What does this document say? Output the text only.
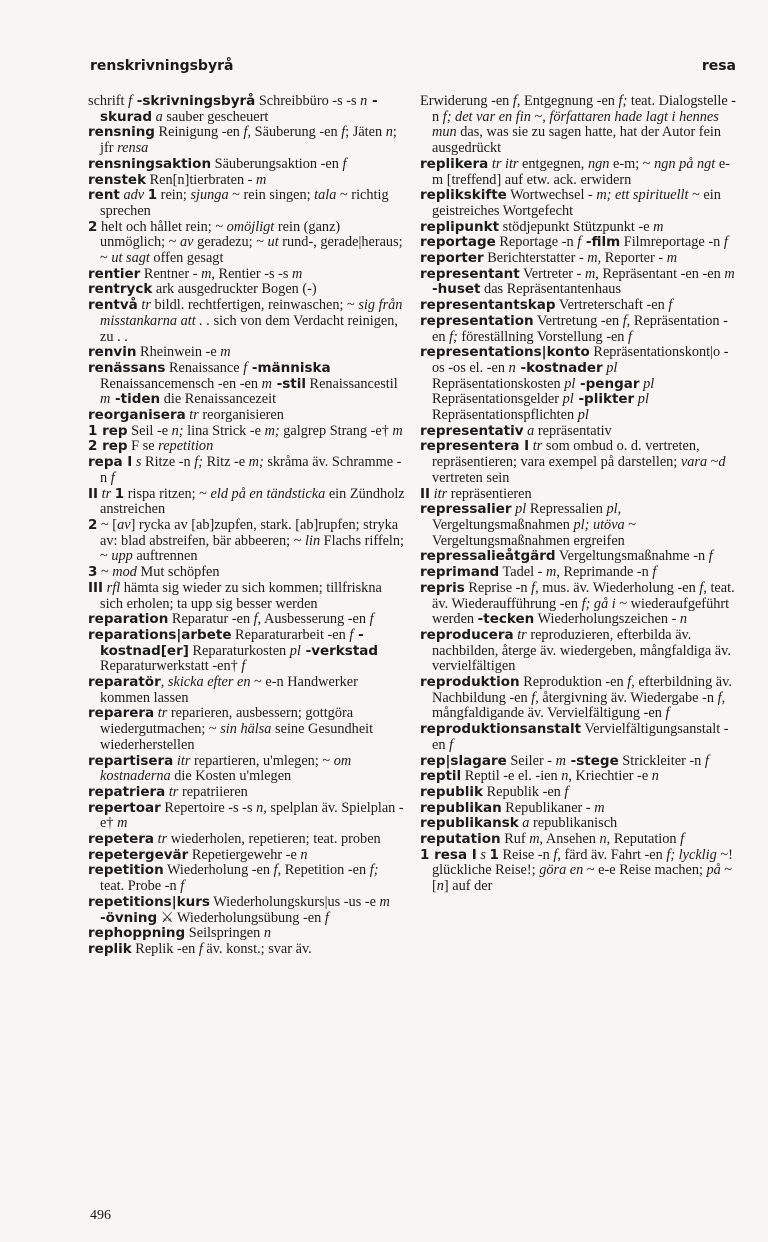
renskrivningsbyrå	resa
schrift f -skrivningsbyrå Schreibbüro -s -s n -skurad a sauber gescheuert
rensning Reinigung -en f, Säuberung -en f; Jäten n; jfr rensa
rensningsaktion Säuberungsaktion -en f
renstek Ren[n]tierbraten - m
rent adv 1 rein; sjunga ~ rein singen; tala ~ richtig sprechen
2 helt och hållet rein; ~ omöjligt rein (ganz) unmöglich; ~ av geradezu; ~ ut rund-, gerade|heraus; ~ ut sagt offen gesagt
rentier Rentner - m, Rentier -s -s m
rentryck ark ausgedruckter Bogen (-)
rentvå tr bildl. rechtfertigen, reinwaschen; ~ sig från misstankarna att . . sich von dem Verdacht reinigen, zu . .
renvin Rheinwein -e m
renässans Renaissance f -människa Renaissancemensch -en -en m -stil Renaissancestil m -tiden die Renaissancezeit
reorganisera tr reorganisieren
1 rep Seil -e n; lina Strick -e m; galgrep Strang -e† m
2 rep F se repetition
repa I s Ritze -n f; Ritz -e m; skråma äv. Schramme -n f
II tr 1 rispa ritzen; ~ eld på en tändsticka ein Zündholz anstreichen
2 ~ [av] rycka av [ab]zupfen, stark. [ab]rupfen; stryka av: blad abstreifen, bär abbeeren; ~ lin Flachs riffeln; ~ upp auftrennen
3 ~ mod Mut schöpfen
III rfl hämta sig wieder zu sich kommen; tillfriskna sich erholen; ta upp sig besser werden
reparation Reparatur -en f, Ausbesserung -en f
reparations|arbete Reparaturarbeit -en f -kostnad[er] Reparaturkosten pl -verkstad Reparaturwerkstatt -en† f
reparatör, skicka efter en ~ e-n Handwerker kommen lassen
reparera tr reparieren, ausbessern; gottgöra wiedergutmachen; ~ sin hälsa seine Gesundheit wiederherstellen
repartisera itr repartieren, u'mlegen; ~ om kostnaderna die Kosten u'mlegen
repatriera tr repatriieren
repertoar Repertoire -s -s n, spelplan äv. Spielplan -e† m
repetera tr wiederholen, repetieren; teat. proben
repetergevär Repetiergewehr -e n
repetition Wiederholung -en f, Repetition -en f; teat. Probe -n f
repetitions|kurs Wiederholungskurs|us -us -e m -övning ⚔ Wiederholungsübung -en f
rephoppning Seilspringen n
replik Replik -en f äv. konst.; svar äv.
Erwiderung -en f, Entgegnung -en f; teat. Dialogstelle -n f; det var en fin ~, författaren hade lagt i hennes mun das, was sie zu sagen hatte, hat der Autor fein ausgedrückt
replikera tr itr entgegnen, ngn e-m; ~ ngn på ngt e-m [treffend] auf etw. ack. erwidern
replikskifte Wortwechsel - m; ett spirituellt ~ ein geistreiches Wortgefecht
replipunkt stödjepunkt Stützpunkt -e m
reportage Reportage -n f -film Filmreportage -n f
reporter Berichterstatter - m, Reporter - m
representant Vertreter - m, Repräsentant -en -en m -huset das Repräsentantenhaus
representantskap Vertreterschaft -en f
representation Vertretung -en f, Repräsentation -en f; föreställning Vorstellung -en f
representations|konto Repräsentationskont|o -os -os el. -en n -kostnader pl Repräsentationskosten pl -pengar pl Repräsentationsgelder pl -plikter pl Repräsentationspflichten pl
representativ a repräsentativ
representera I tr som ombud o. d. vertreten, repräsentieren; vara exempel på darstellen; vara ~d vertreten sein
II itr repräsentieren
repressalier pl Repressalien pl, Vergeltungsmaßnahmen pl; utöva ~ Vergeltungsmaßnahmen ergreifen
repressalieåtgärd Vergeltungsmaßnahme -n f
reprimand Tadel - m, Reprimande -n f
repris Reprise -n f, mus. äv. Wiederholung -en f, teat. äv. Wiederaufführung -en f; gå i ~ wiederaufgeführt werden -tecken Wiederholungszeichen - n
reproducera tr reproduzieren, efterbilda äv. nachbilden, återge äv. wiedergeben, mångfaldiga äv. vervielfältigen
reproduktion Reproduktion -en f, efterbildning äv. Nachbildung -en f, återgivning äv. Wiedergabe -n f, mångfaldigande äv. Vervielfältigung -en f
reproduktionsanstalt Vervielfältigungsanstalt -en f
rep|slagare Seiler - m -stege Strickleiter -n f
reptil Reptil -e el. -ien n, Kriechtier -e n
republik Republik -en f
republikan Republikaner - m
republikansk a republikanisch
reputation Ruf m, Ansehen n, Reputation f
1 resa I s 1 Reise -n f, färd äv. Fahrt -en f; lycklig ~! glückliche Reise!; göra en ~ e-e Reise machen; på ~[n] auf der
496
